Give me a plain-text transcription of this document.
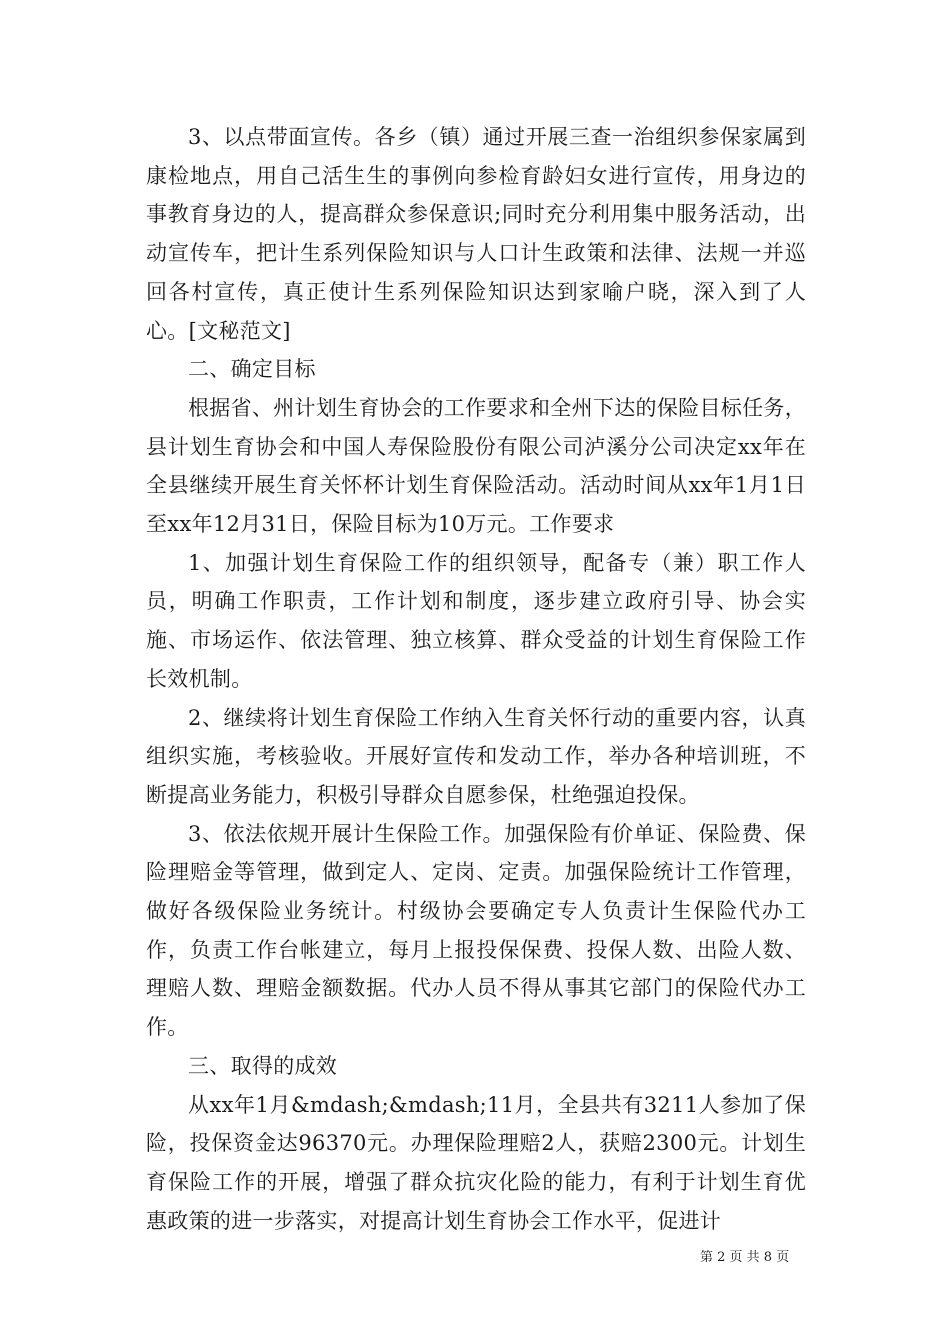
3、以点带面宣传。各乡（镇）通过开展三查一治组织参保家属到康检地点，用自己活生生的事例向参检育龄妇女进行宣传，用身边的事教育身边的人，提高群众参保意识;同时充分利用集中服务活动，出动宣传车，把计生系列保险知识与人口计生政策和法律、法规一并巡回各村宣传，真正使计生系列保险知识达到家喻户晓，深入到了人心。[文秘范文]

二、确定目标

根据省、州计划生育协会的工作要求和全州下达的保险目标任务，县计划生育协会和中国人寿保险股份有限公司泸溪分公司决定xx年在全县继续开展生育关怀杯计划生育保险活动。活动时间从xx年1月1日至xx年12月31日，保险目标为10万元。工作要求

1、加强计划生育保险工作的组织领导，配备专（兼）职工作人员，明确工作职责，工作计划和制度，逐步建立政府引导、协会实施、市场运作、依法管理、独立核算、群众受益的计划生育保险工作长效机制。

2、继续将计划生育保险工作纳入生育关怀行动的重要内容，认真组织实施，考核验收。开展好宣传和发动工作，举办各种培训班，不断提高业务能力，积极引导群众自愿参保，杜绝强迫投保。

3、依法依规开展计生保险工作。加强保险有价单证、保险费、保险理赔金等管理，做到定人、定岗、定责。加强保险统计工作管理，做好各级保险业务统计。村级协会要确定专人负责计生保险代办工作，负责工作台帐建立，每月上报投保保费、投保人数、出险人数、理赔人数、理赔金额数据。代办人员不得从事其它部门的保险代办工作。

三、取得的成效

从xx年1月&mdash;&mdash;11月，全县共有3211人参加了保险，投保资金达96370元。办理保险理赔2人，获赔2300元。计划生育保险工作的开展，增强了群众抗灾化险的能力，有利于计划生育优惠政策的进一步落实，对提高计划生育协会工作水平，促进计

第 2 页 共 8 页
